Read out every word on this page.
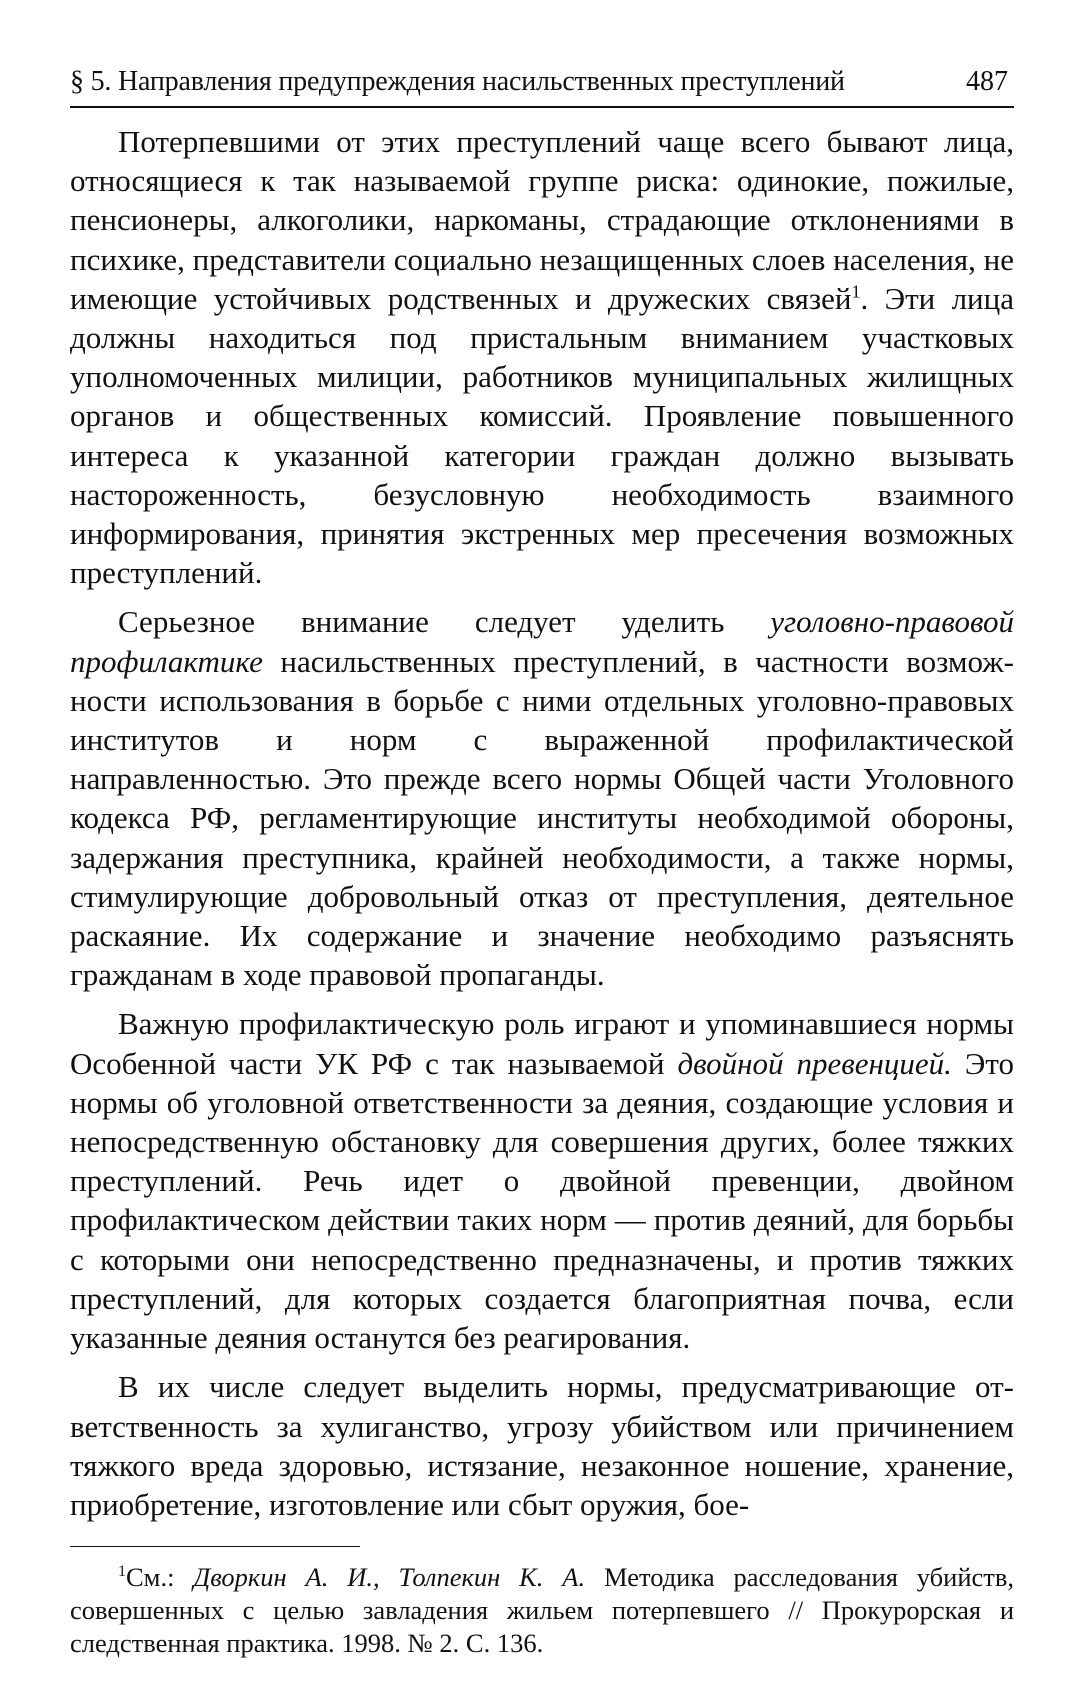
§ 5. Направления предупреждения насильственных преступлений	487

Потерпевшими от этих преступлений чаще всего бывают лица, относящиеся к так называемой группе риска: одинокие, пожилые, пенсионеры, алкоголики, наркоманы, страдающие отклонениями в психике, представители социально незащищенных слоев населения, не имеющие устойчивых родственных и дружеских связей$^1$. Эти лица должны находиться под пристальным вниманием участковых уполномоченных милиции, работников муниципальных жилищных органов и общественных комиссий. Проявление повышенного интереса к указанной категории граждан должно вызывать настороженность, безусловную необходимость взаимного информирования, принятия экстренных мер пресечения возможных преступлений.

Серьезное внимание следует уделить уголовно-правовой профилактике насильственных преступлений, в частности возможности использования в борьбе с ними отдельных уголовно-правовых институтов и норм с выраженной профилактической направленностью. Это прежде всего нормы Общей части Уголовного кодекса РФ, регламентирующие институты необходимой обороны, задержания преступника, крайней необходимости, а также нормы, стимулирующие добровольный отказ от преступления, деятельное раскаяние. Их содержание и значение необходимо разъяснять гражданам в ходе правовой пропаганды.

Важную профилактическую роль играют и упоминавшиеся нормы Особенной части УК РФ с так называемой двойной превенцией. Это нормы об уголовной ответственности за деяния, создающие условия и непосредственную обстановку для совершения других, более тяжких преступлений. Речь идет о двойной превенции, двойном профилактическом действии таких норм — против деяний, для борьбы с которыми они непосредственно предназначены, и против тяжких преступлений, для которых создается благоприятная почва, если указанные деяния останутся без реагирования.

В их числе следует выделить нормы, предусматривающие ответственность за хулиганство, угрозу убийством или причинением тяжкого вреда здоровью, истязание, незаконное ношение, хранение, приобретение, изготовление или сбыт оружия, бое-

$^1$См.: Дворкин А. И., Толпекин К. А. Методика расследования убийств, совершенных с целью завладения жильем потерпевшего // Прокурорская и следственная практика. 1998. № 2. С. 136.
